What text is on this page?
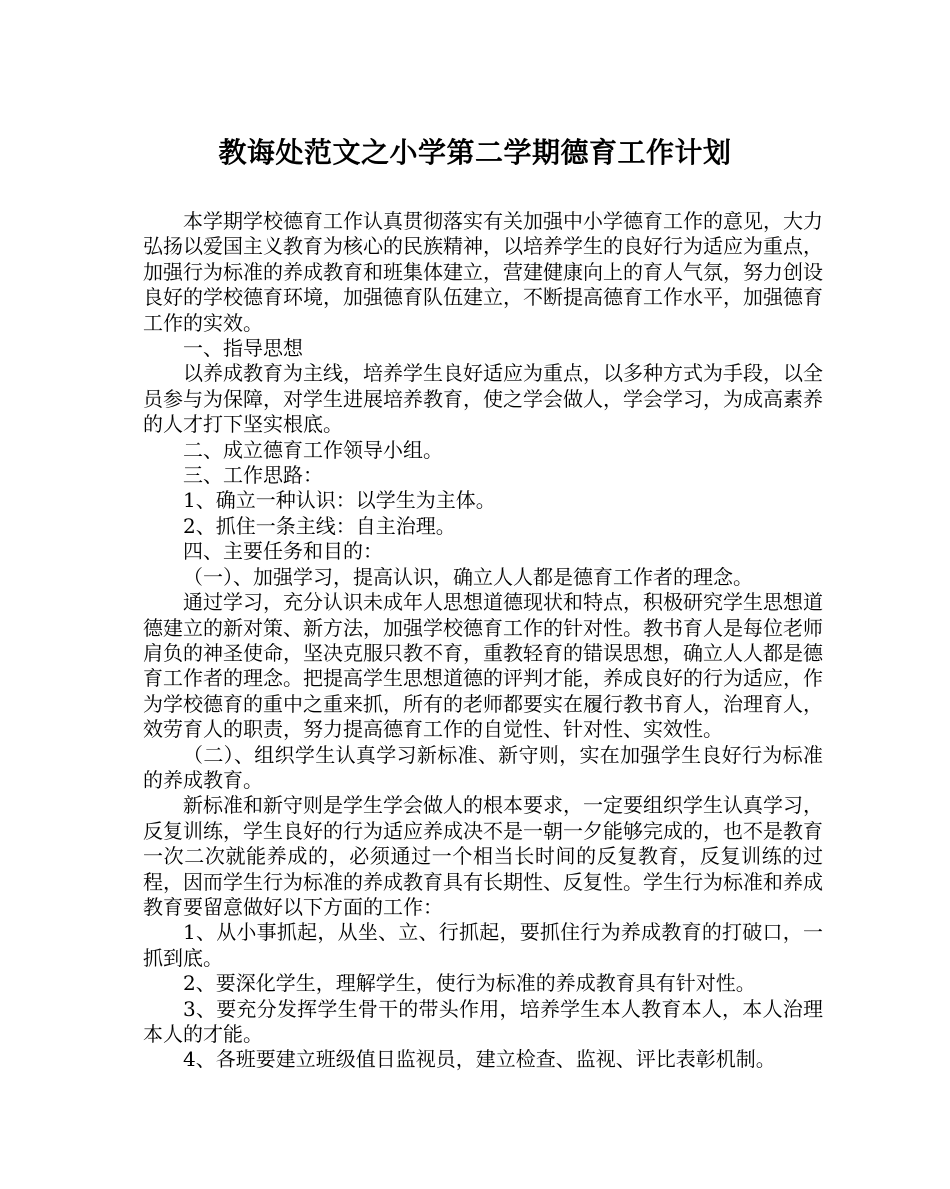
教诲处范文之小学第二学期德育工作计划

本学期学校德育工作认真贯彻落实有关加强中小学德育工作的意见，大力弘扬以爱国主义教育为核心的民族精神，以培养学生的良好行为适应为重点，加强行为标准的养成教育和班集体建立，营建健康向上的育人气氛，努力创设良好的学校德育环境，加强德育队伍建立，不断提高德育工作水平，加强德育工作的实效。

一、指导思想

以养成教育为主线，培养学生良好适应为重点，以多种方式为手段，以全员参与为保障，对学生进展培养教育，使之学会做人，学会学习，为成高素养的人才打下坚实根底。

二、成立德育工作领导小组。

三、工作思路：

1、确立一种认识：以学生为主体。

2、抓住一条主线：自主治理。

四、主要任务和目的：

（一）、加强学习，提高认识，确立人人都是德育工作者的理念。

通过学习，充分认识未成年人思想道德现状和特点，积极研究学生思想道德建立的新对策、新方法，加强学校德育工作的针对性。教书育人是每位老师肩负的神圣使命，坚决克服只教不育，重教轻育的错误思想，确立人人都是德育工作者的理念。把提高学生思想道德的评判才能，养成良好的行为适应，作为学校德育的重中之重来抓，所有的老师都要实在履行教书育人，治理育人，效劳育人的职责，努力提高德育工作的自觉性、针对性、实效性。

（二）、组织学生认真学习新标准、新守则，实在加强学生良好行为标准的养成教育。

新标准和新守则是学生学会做人的根本要求，一定要组织学生认真学习，反复训练，学生良好的行为适应养成决不是一朝一夕能够完成的，也不是教育一次二次就能养成的，必须通过一个相当长时间的反复教育，反复训练的过程，因而学生行为标准的养成教育具有长期性、反复性。学生行为标准和养成教育要留意做好以下方面的工作：

1、从小事抓起，从坐、立、行抓起，要抓住行为养成教育的打破口，一抓到底。

2、要深化学生，理解学生，使行为标准的养成教育具有针对性。

3、要充分发挥学生骨干的带头作用，培养学生本人教育本人，本人治理本人的才能。

4、各班要建立班级值日监视员，建立检查、监视、评比表彰机制。
